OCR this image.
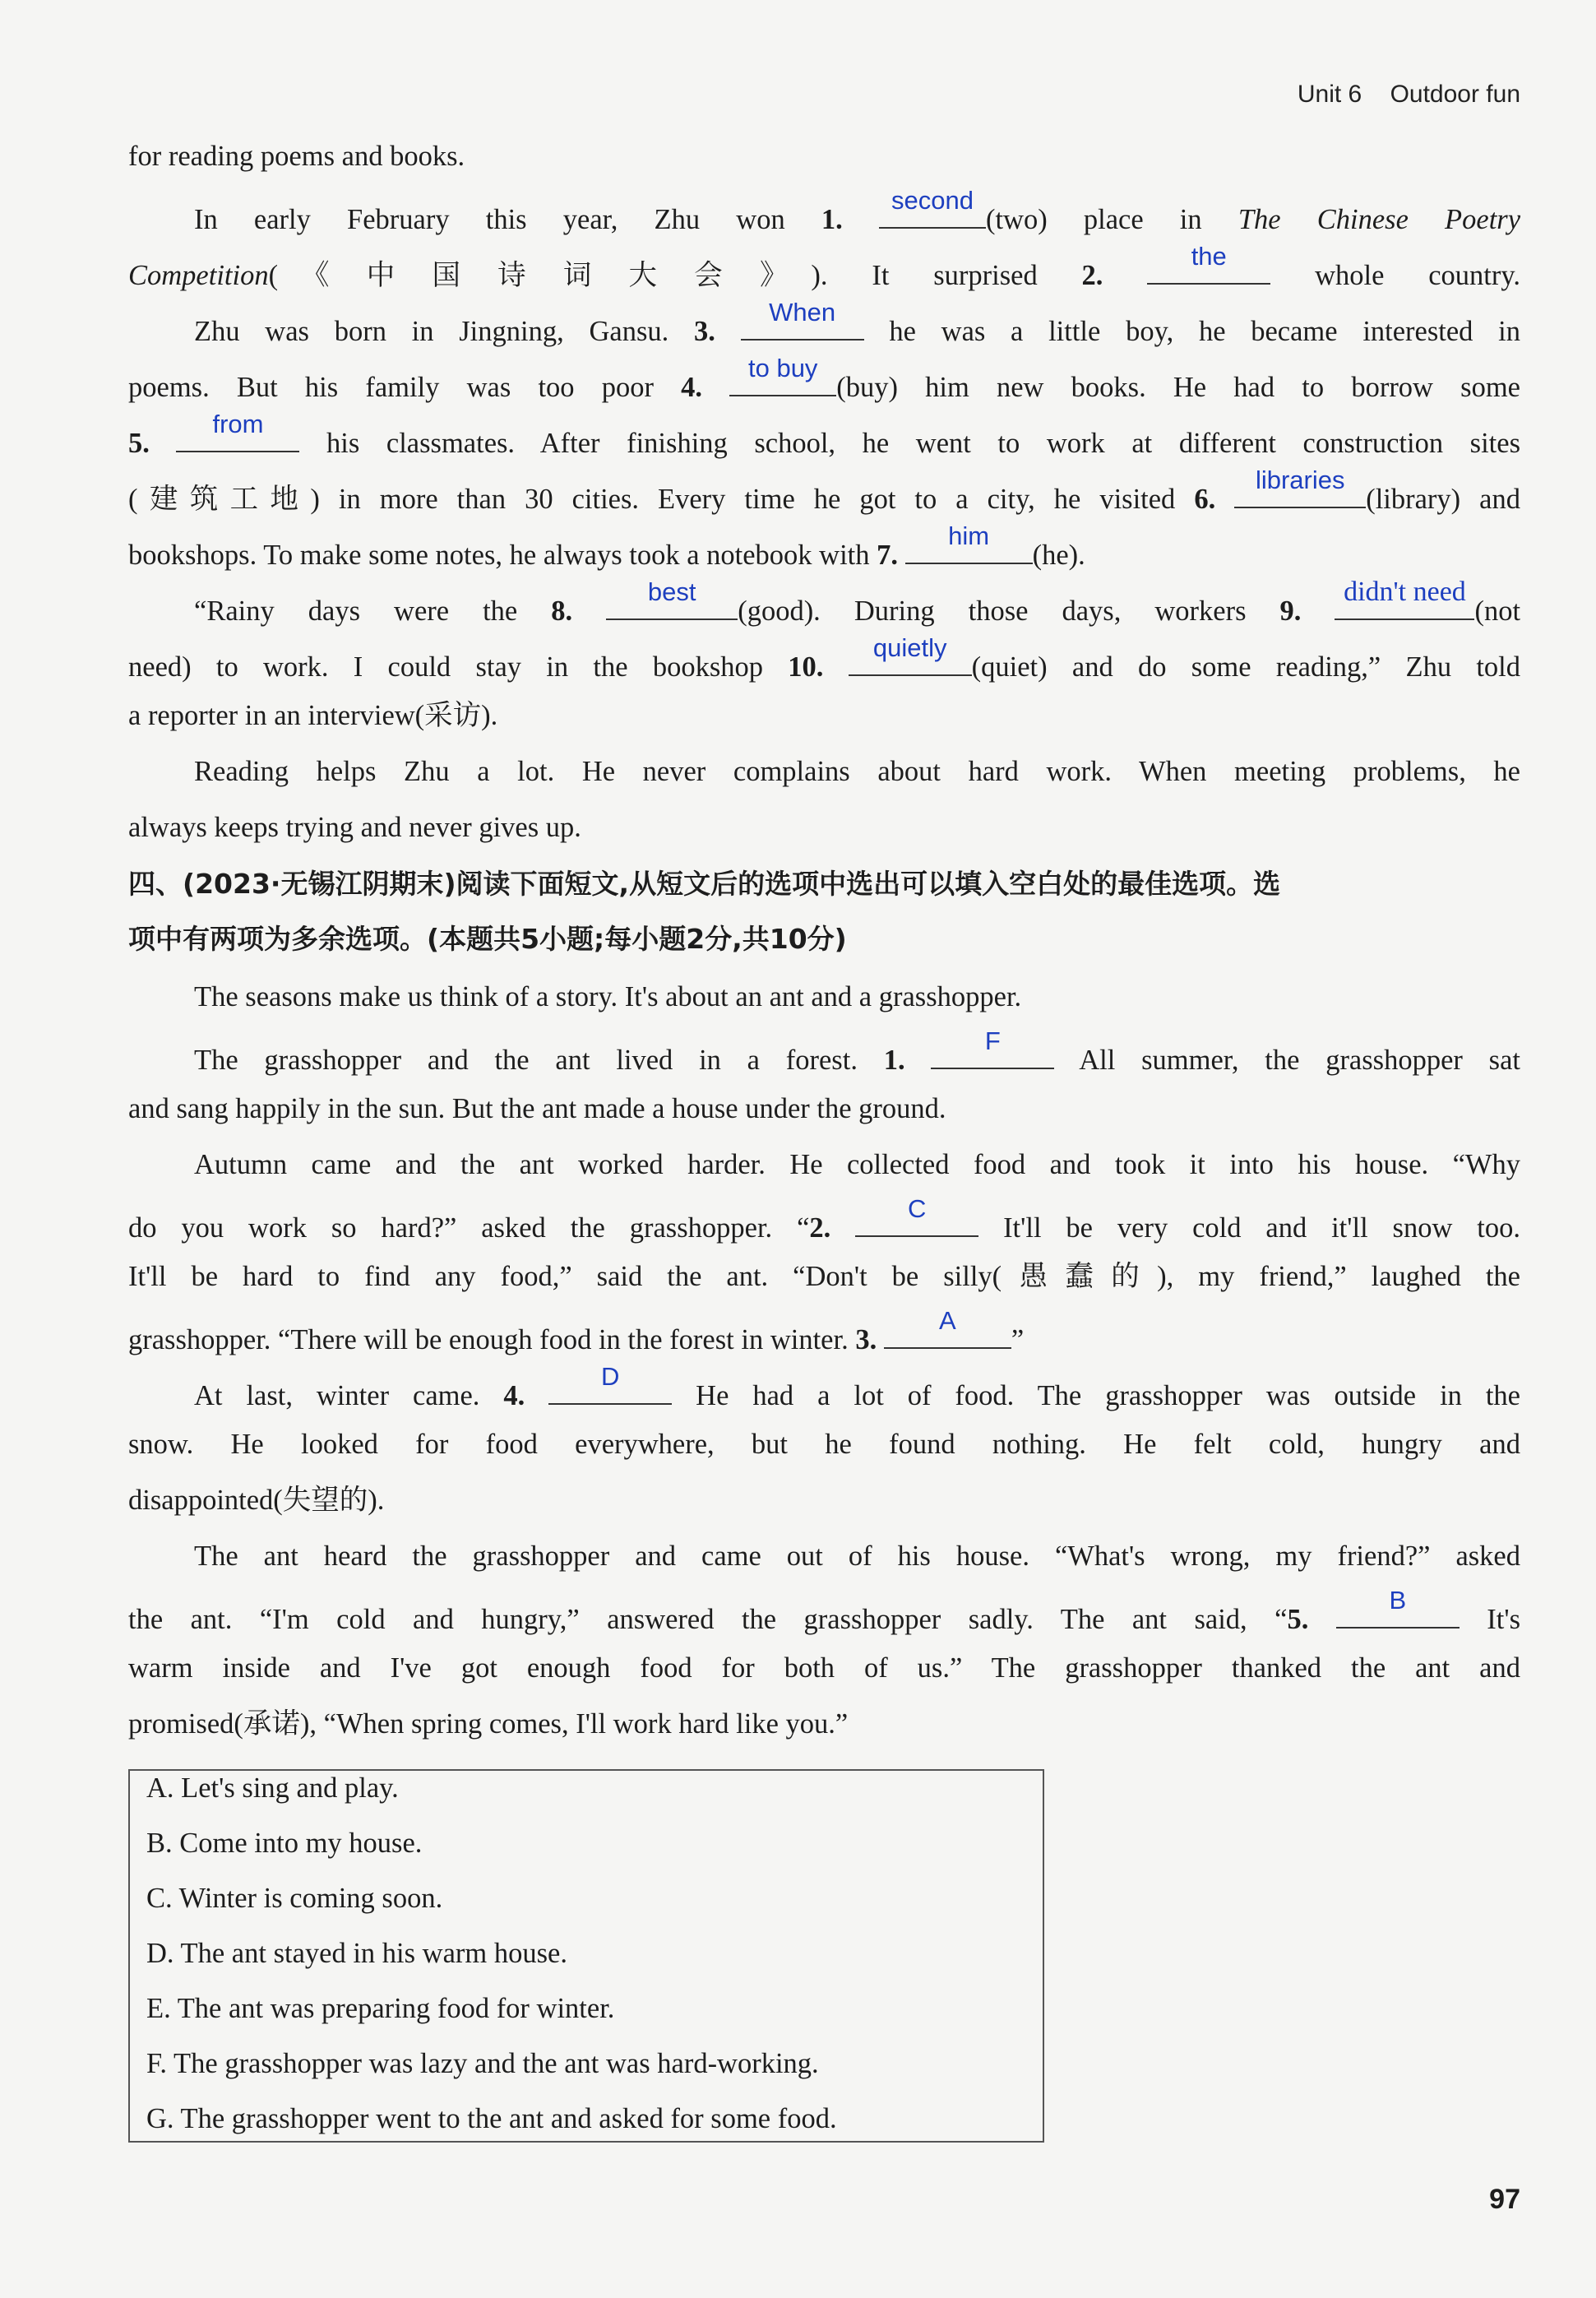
Unit 6 Outdoor fun
for reading poems and books.
In early February this year, Zhu won 1.
second
(two) place in The Chinese Poetry
Competition(《中国诗词大会》). It surprised 2.
the
whole country.
Zhu was born in Jingning, Gansu. 3.
When
he was a little boy, he became interested in
poems. But his family was too poor 4.
to buy
(buy) him new books. He had to borrow some
5.
from
his classmates. After finishing school, he went to work at different construction sites
(建筑工地) in more than 30 cities. Every time he got to a city, he visited 6.
libraries
(library) and
bookshops. To make some notes, he always took a notebook with 7.
him
(he).
“Rainy days were the 8.
best
(good). During those days, workers 9.
didn't need
(not
need) to work. I could stay in the bookshop 10.
quietly
(quiet) and do some reading,” Zhu told
a reporter in an interview(采访).
Reading helps Zhu a lot. He never complains about hard work. When meeting problems, he
always keeps trying and never gives up.
四、(2023·无锡江阴期末)阅读下面短文,从短文后的选项中选出可以填入空白处的最佳选项。选
项中有两项为多余选项。(本题共5小题;每小题2分,共10分)
The seasons make us think of a story. It's about an ant and a grasshopper.
The grasshopper and the ant lived in a forest. 1.
F
All summer, the grasshopper sat
and sang happily in the sun. But the ant made a house under the ground.
Autumn came and the ant worked harder. He collected food and took it into his house. “Why
do you work so hard?” asked the grasshopper. “2.
C
It'll be very cold and it'll snow too.
It'll be hard to find any food,” said the ant. “Don't be silly(愚蠢的), my friend,” laughed the
grasshopper. “There will be enough food in the forest in winter. 3.
A
”
At last, winter came. 4.
D
He had a lot of food. The grasshopper was outside in the
snow. He looked for food everywhere, but he found nothing. He felt cold, hungry and
disappointed(失望的).
The ant heard the grasshopper and came out of his house. “What's wrong, my friend?” asked
the ant. “I'm cold and hungry,” answered the grasshopper sadly. The ant said, “5.
B
It's
warm inside and I've got enough food for both of us.” The grasshopper thanked the ant and
promised(承诺), “When spring comes, I'll work hard like you.”
A. Let's sing and play.
B. Come into my house.
C. Winter is coming soon.
D. The ant stayed in his warm house.
E. The ant was preparing food for winter.
F. The grasshopper was lazy and the ant was hard-working.
G. The grasshopper went to the ant and asked for some food.
97
